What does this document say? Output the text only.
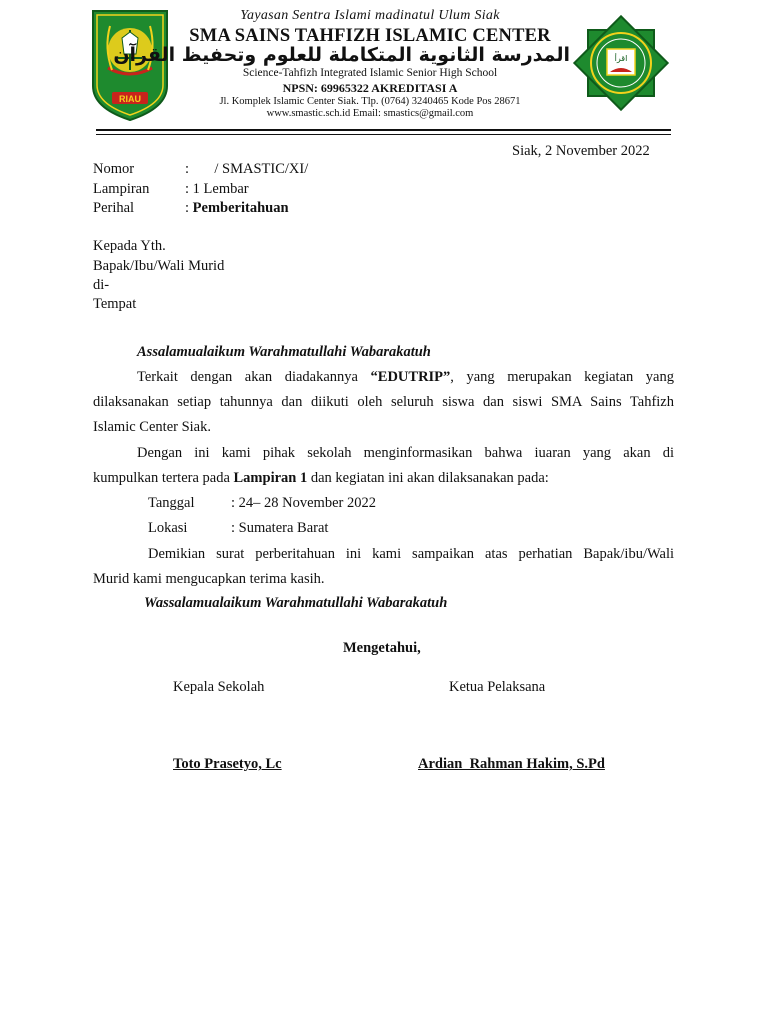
RIAU
اقرأ
Yayasan Sentra Islami madinatul Ulum Siak
SMA SAINS TAHFIZH ISLAMIC CENTER
المدرسة الثانوية المتكاملة للعلوم وتحفيظ القرآن
Science-Tahfizh Integrated Islamic Senior High School
NPSN: 69965322 AKREDITASI A
Jl. Komplek Islamic Center Siak. Tlp. (0764) 3240465 Kode Pos 28671
www.smastic.sch.id Email: smastics@gmail.com
Siak, 2 November 2022
Nomor	:       / SMASTIC/XI/
Lampiran : 1 Lembar
Perihal	: Pemberitahuan
Kepada Yth.
Bapak/Ibu/Wali Murid
di-
Tempat
Assalamualaikum Warahmatullahi Wabarakatuh
Terkait dengan akan diadakannya “EDUTRIP”, yang merupakan kegiatan yang
dilaksanakan setiap tahunnya dan diikuti oleh seluruh siswa dan siswi SMA Sains Tahfizh
Islamic Center Siak.
Dengan ini kami pihak sekolah menginformasikan bahwa iuaran yang akan di
kumpulkan tertera pada Lampiran 1 dan kegiatan ini akan dilaksanakan pada:
Tanggal	: 24– 28 November 2022
Lokasi	: Sumatera Barat
Demikian surat perberitahuan ini kami sampaikan atas perhatian Bapak/ibu/Wali
Murid kami mengucapkan terima kasih.
Wassalamualaikum Warahmatullahi Wabarakatuh
Mengetahui,
Kepala Sekolah	Ketua Pelaksana
Toto Prasetyo, Lc	Ardian  Rahman Hakim, S.Pd
